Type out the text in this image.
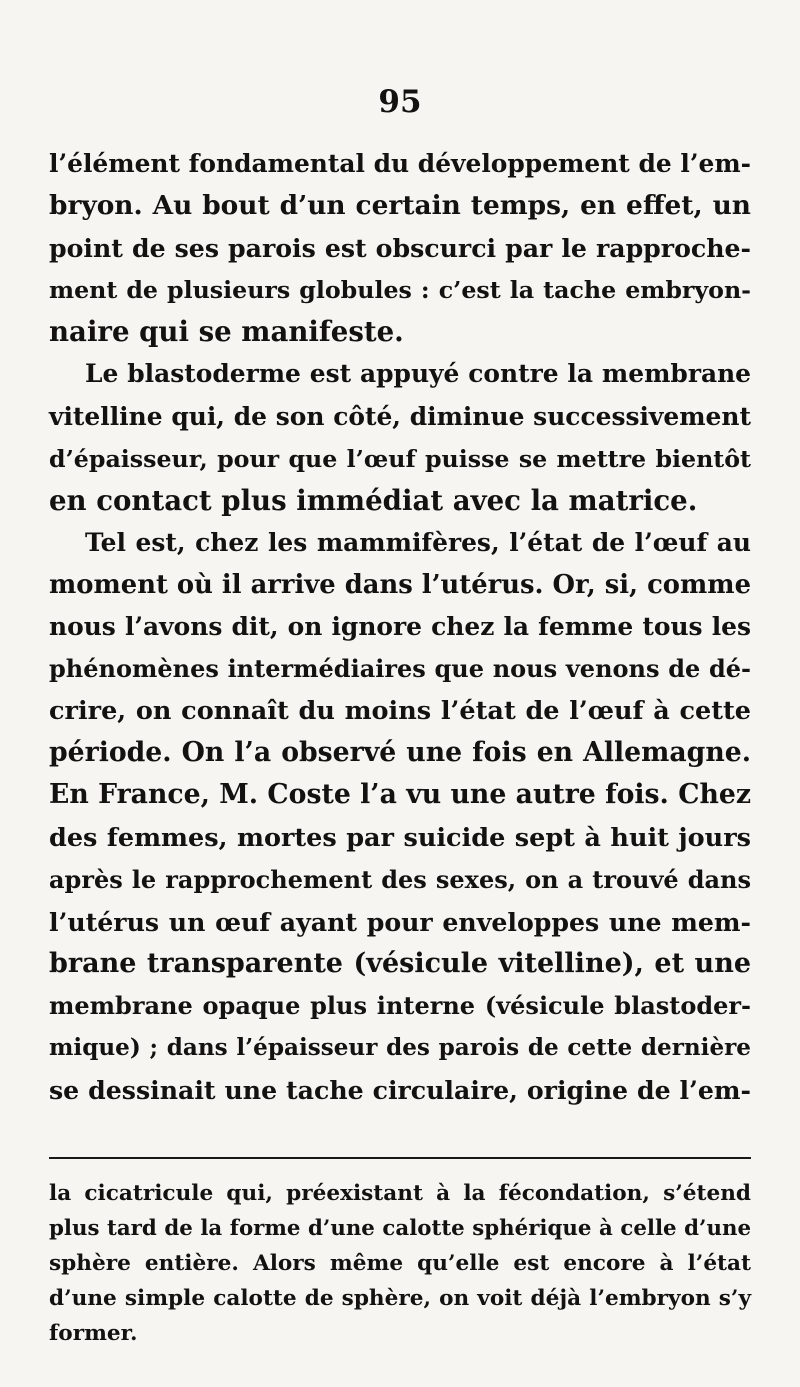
95
l’élément fondamental du développement de l’em-
bryon. Au bout d’un certain temps, en effet, un
point de ses parois est obscurci par le rapproche-
ment de plusieurs globules : c’est la tache embryon-
naire qui se manifeste.
Le blastoderme est appuyé contre la membrane
vitelline qui, de son côté, diminue successivement
d’épaisseur, pour que l’œuf puisse se mettre bientôt
en contact plus immédiat avec la matrice.
Tel est, chez les mammifères, l’état de l’œuf au
moment où il arrive dans l’utérus. Or, si, comme
nous l’avons dit, on ignore chez la femme tous les
phénomènes intermédiaires que nous venons de dé-
crire, on connaît du moins l’état de l’œuf à cette
période. On l’a observé une fois en Allemagne.
En France, M. Coste l’a vu une autre fois. Chez
des femmes, mortes par suicide sept à huit jours
après le rapprochement des sexes, on a trouvé dans
l’utérus un œuf ayant pour enveloppes une mem-
brane transparente (vésicule vitelline), et une
membrane opaque plus interne (vésicule blastoder-
mique) ; dans l’épaisseur des parois de cette dernière
se dessinait une tache circulaire, origine de l’em-
la cicatricule qui, préexistant à la fécondation, s’étend
plus tard de la forme d’une calotte sphérique à celle d’une
sphère entière. Alors même qu’elle est encore à l’état
d’une simple calotte de sphère, on voit déjà l’embryon s’y
former.
